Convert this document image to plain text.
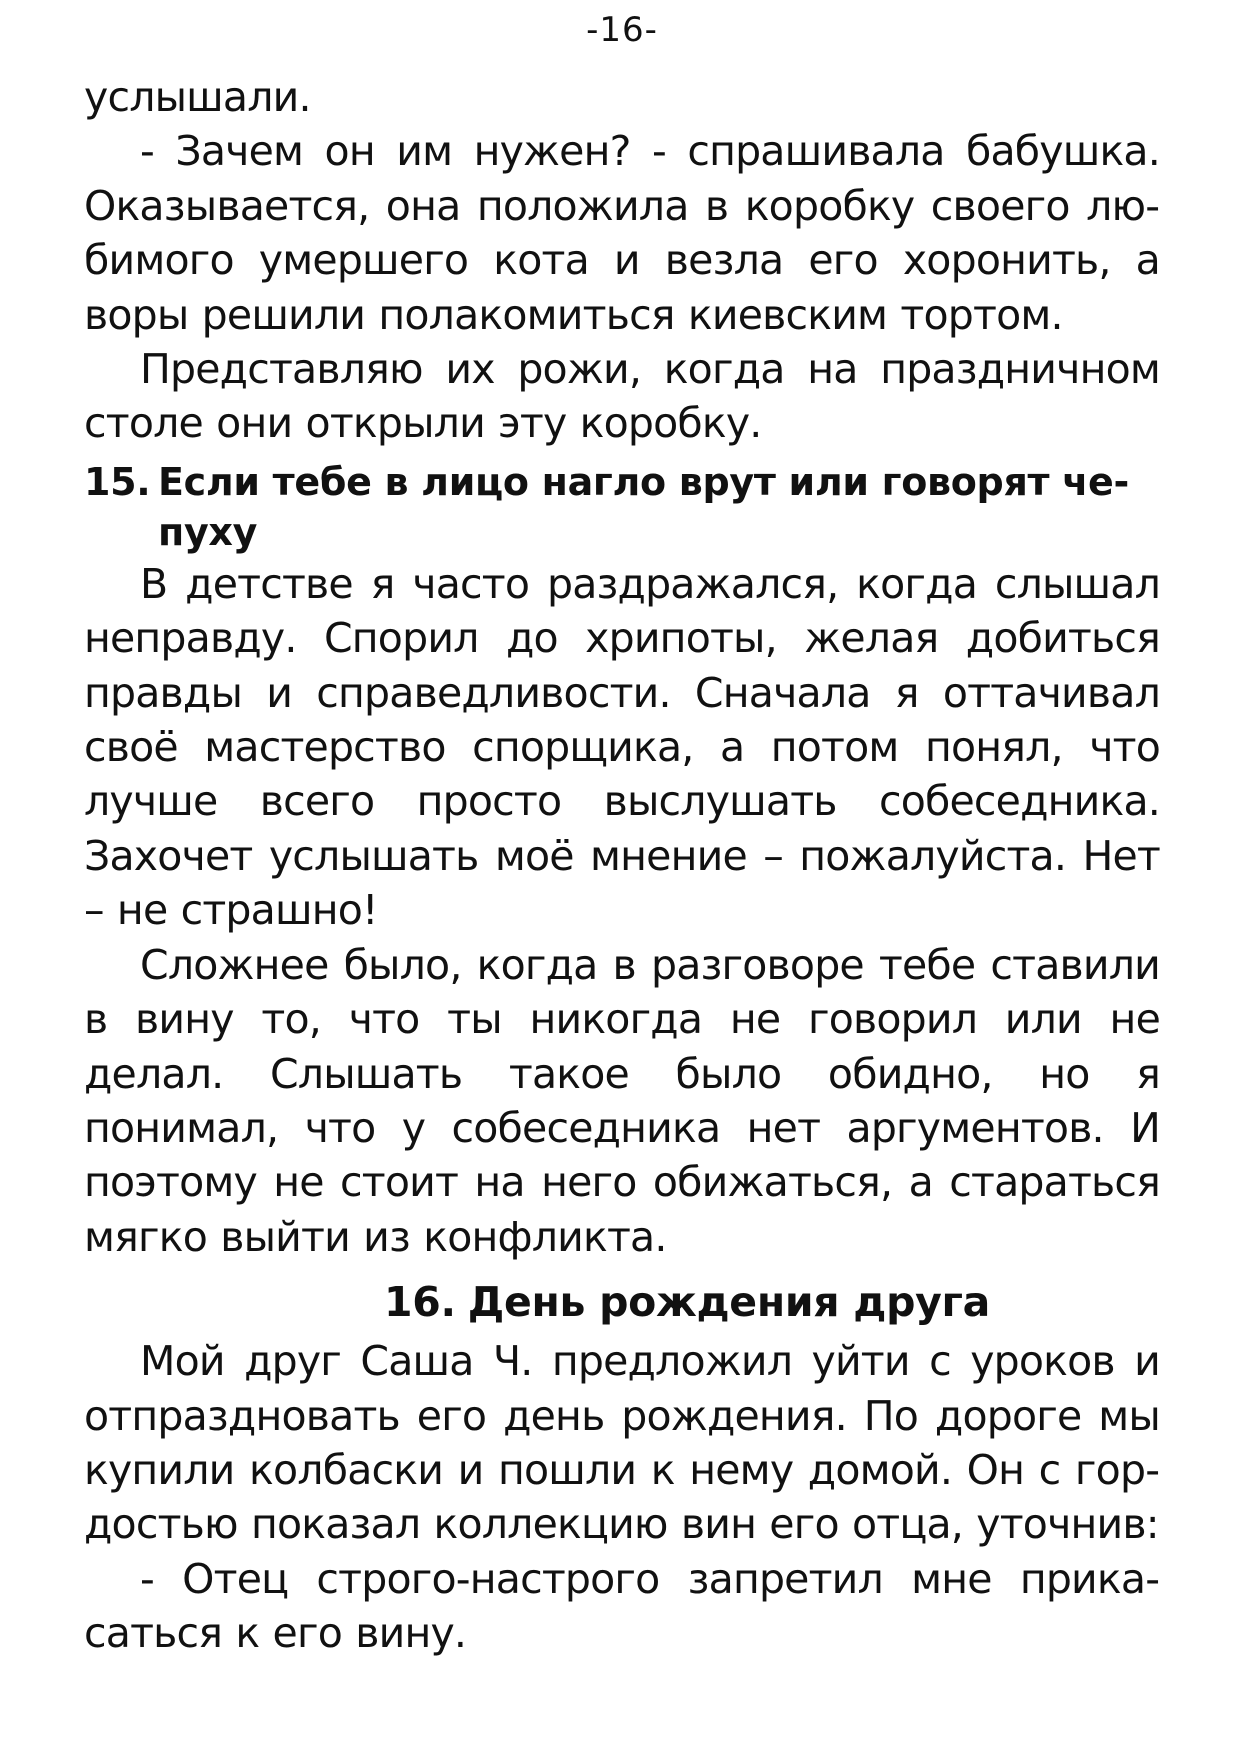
-16-

услышали.

- Зачем он им нужен? - спрашивала бабушка. Оказывается, она положила в коробку своего любимого умершего кота и везла его хоронить, а воры решили полакомиться киевским тортом.

Представляю их рожи, когда на праздничном столе они открыли эту коробку.

15. Если тебе в лицо нагло врут или говорят чепуху

В детстве я часто раздражался, когда слышал неправду. Спорил до хрипоты, желая добиться правды и справедливости. Сначала я оттачивал своё мастерство спорщика, а потом понял, что лучше всего просто выслушать собеседника. Захочет услышать моё мнение – пожалуйста. Нет – не страшно!

Сложнее было, когда в разговоре тебе ставили в вину то, что ты никогда не говорил или не делал. Слышать такое было обидно, но я понимал, что у собеседника нет аргументов. И поэтому не стоит на него обижаться, а стараться мягко выйти из конфликта.

16. День рождения друга

Мой друг Саша Ч. предложил уйти с уроков и отпраздновать его день рождения. По дороге мы купили колбаски и пошли к нему домой. Он с гордостью показал коллекцию вин его отца, уточнив:

- Отец строго-настрого запретил мне прикасаться к его вину.
